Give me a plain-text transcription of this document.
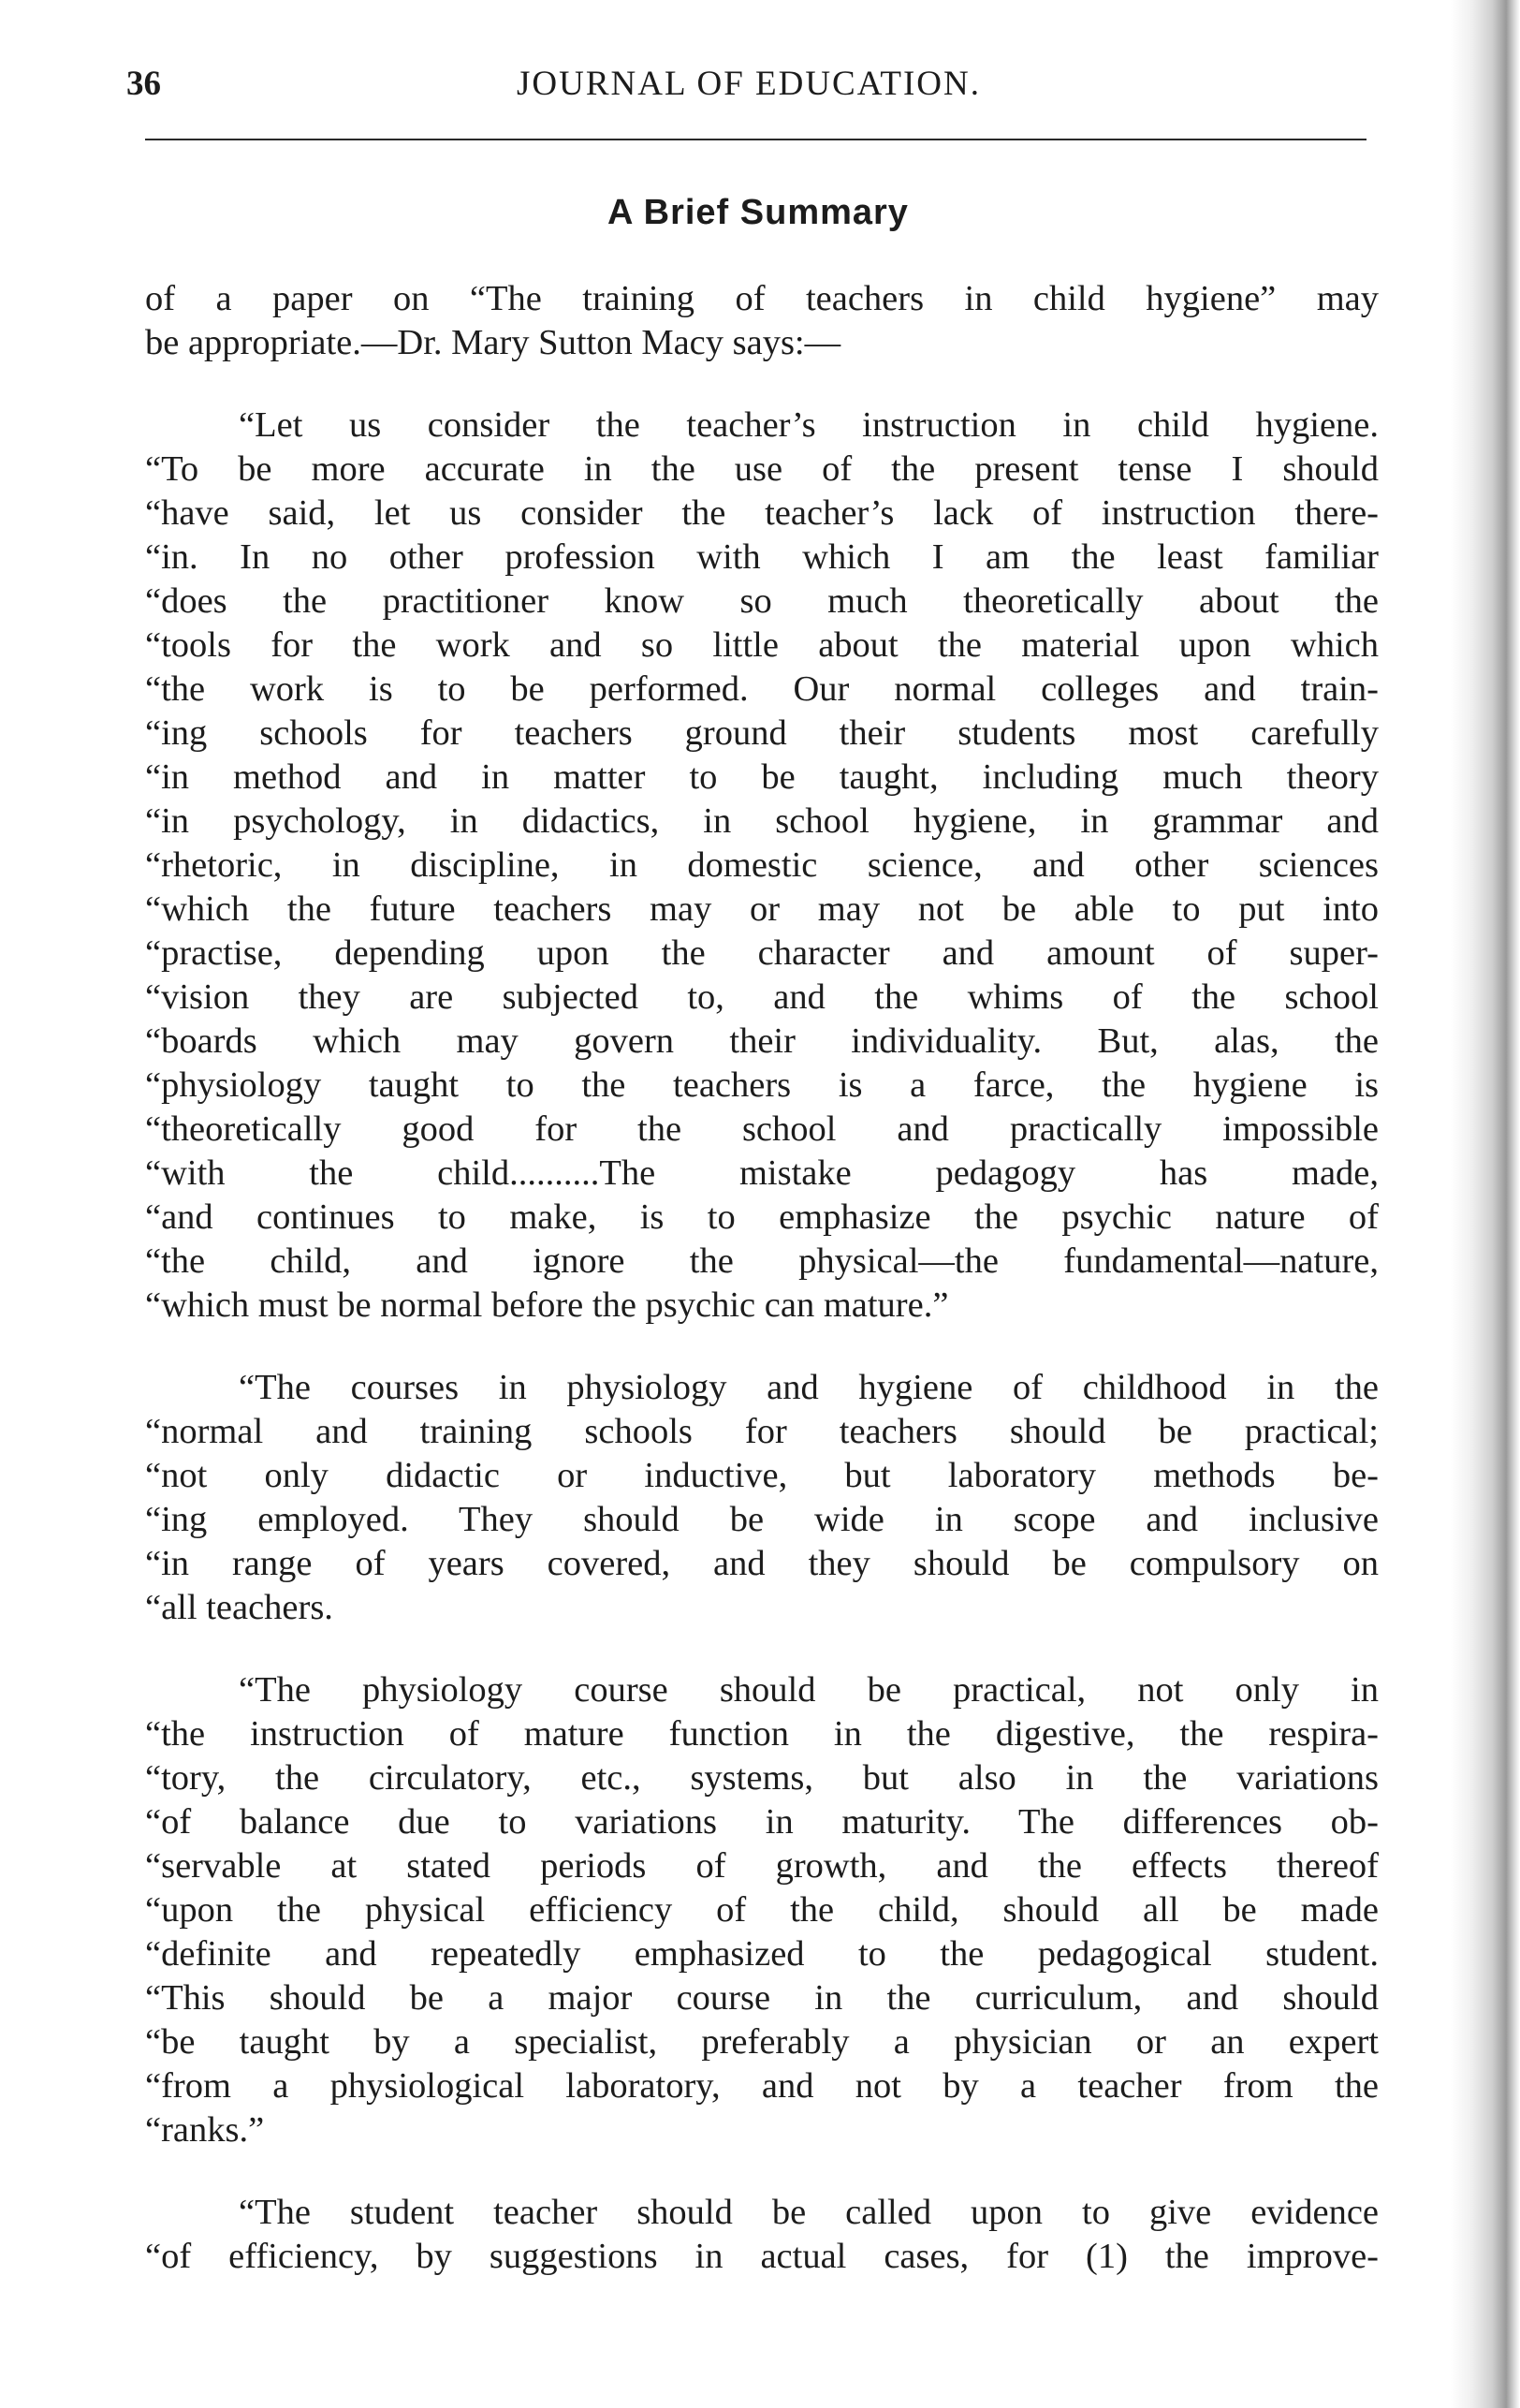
36	JOURNAL OF EDUCATION.
A Brief Summary

of a paper on “The training of teachers in child hygiene” may

be appropriate.—Dr. Mary Sutton Macy says:—

“Let us consider the teacher’s instruction in child hygiene.

“To be more accurate in the use of the present tense I should

“have said, let us consider the teacher’s lack of instruction there-

“in. In no other profession with which I am the least familiar

“does the practitioner know so much theoretically about the

“tools for the work and so little about the material upon which

“the work is to be performed. Our normal colleges and train-

“ing schools for teachers ground their students most carefully

“in method and in matter to be taught, including much theory

“in psychology, in didactics, in school hygiene, in grammar and

“rhetoric, in discipline, in domestic science, and other sciences

“which the future teachers may or may not be able to put into

“practise, depending upon the character and amount of super-

“vision they are subjected to, and the whims of the school

“boards which may govern their individuality. But, alas, the

“physiology taught to the teachers is a farce, the hygiene is

“theoretically good for the school and practically impossible

“with the child..........The mistake pedagogy has made,

“and continues to make, is to emphasize the psychic nature of

“the child, and ignore the physical—the fundamental—nature,

“which must be normal before the psychic can mature.”

“The courses in physiology and hygiene of childhood in the

“normal and training schools for teachers should be practical;

“not only didactic or inductive, but laboratory methods be-

“ing employed. They should be wide in scope and inclusive

“in range of years covered, and they should be compulsory on

“all teachers.

“The physiology course should be practical, not only in

“the instruction of mature function in the digestive, the respira-

“tory, the circulatory, etc., systems, but also in the variations

“of balance due to variations in maturity. The differences ob-

“servable at stated periods of growth, and the effects thereof

“upon the physical efficiency of the child, should all be made

“definite and repeatedly emphasized to the pedagogical student.

“This should be a major course in the curriculum, and should

“be taught by a specialist, preferably a physician or an expert

“from a physiological laboratory, and not by a teacher from the

“ranks.”

“The student teacher should be called upon to give evidence

“of efficiency, by suggestions in actual cases, for (1) the improve-
